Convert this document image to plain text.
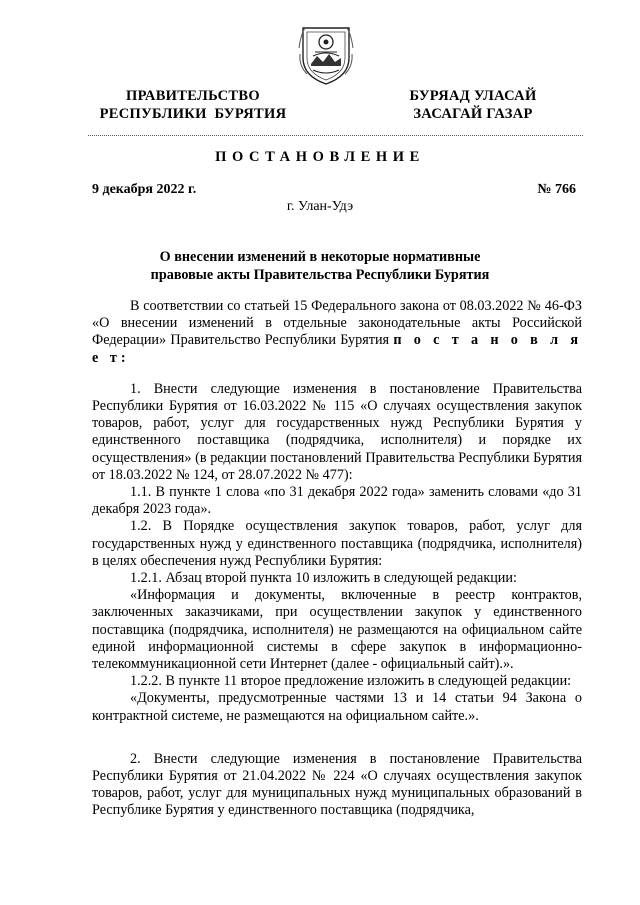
ПРАВИТЕЛЬСТВО
РЕСПУБЛИКИ  БУРЯТИЯ
БУРЯАД УЛАСАЙ
ЗАСАГАЙ ГАЗАР
ПОСТАНОВЛЕНИЕ
9 декабря 2022 г.	№ 766
г. Улан-Удэ
О внесении изменений в некоторые нормативные
правовые акты Правительства Республики Бурятия

В соответствии со статьей 15 Федерального закона от 08.03.2022 № 46-ФЗ «О внесении изменений в отдельные законодательные акты Российской Федерации» Правительство Республики Бурятия п о с т а н о в л я е т:

1. Внести следующие изменения в постановление Правительства Республики Бурятия от 16.03.2022 № 115 «О случаях осуществления закупок товаров, работ, услуг для государственных нужд Республики Бурятия у единственного поставщика (подрядчика, исполнителя) и порядке их осуществления» (в редакции постановлений Правительства Республики Бурятия от 18.03.2022 № 124, от 28.07.2022 № 477):

1.1. В пункте 1 слова «по 31 декабря 2022 года» заменить словами «до 31 декабря 2023 года».

1.2. В Порядке осуществления закупок товаров, работ, услуг для государственных нужд у единственного поставщика (подрядчика, исполнителя) в целях обеспечения нужд Республики Бурятия:

1.2.1. Абзац второй пункта 10 изложить в следующей редакции:

«Информация и документы, включенные в реестр контрактов, заключенных заказчиками, при осуществлении закупок у единственного поставщика (подрядчика, исполнителя) не размещаются на официальном сайте единой информационной системы в сфере закупок в информационно-телекоммуникационной сети Интернет (далее - официальный сайт).».

1.2.2. В пункте 11 второе предложение изложить в следующей редакции:

«Документы, предусмотренные частями 13 и 14 статьи 94 Закона о контрактной системе, не размещаются на официальном сайте.».

2. Внести следующие изменения в постановление Правительства Республики Бурятия от 21.04.2022 № 224 «О случаях осуществления закупок товаров, работ, услуг для муниципальных нужд муниципальных образований в Республике Бурятия у единственного поставщика (подрядчика,
